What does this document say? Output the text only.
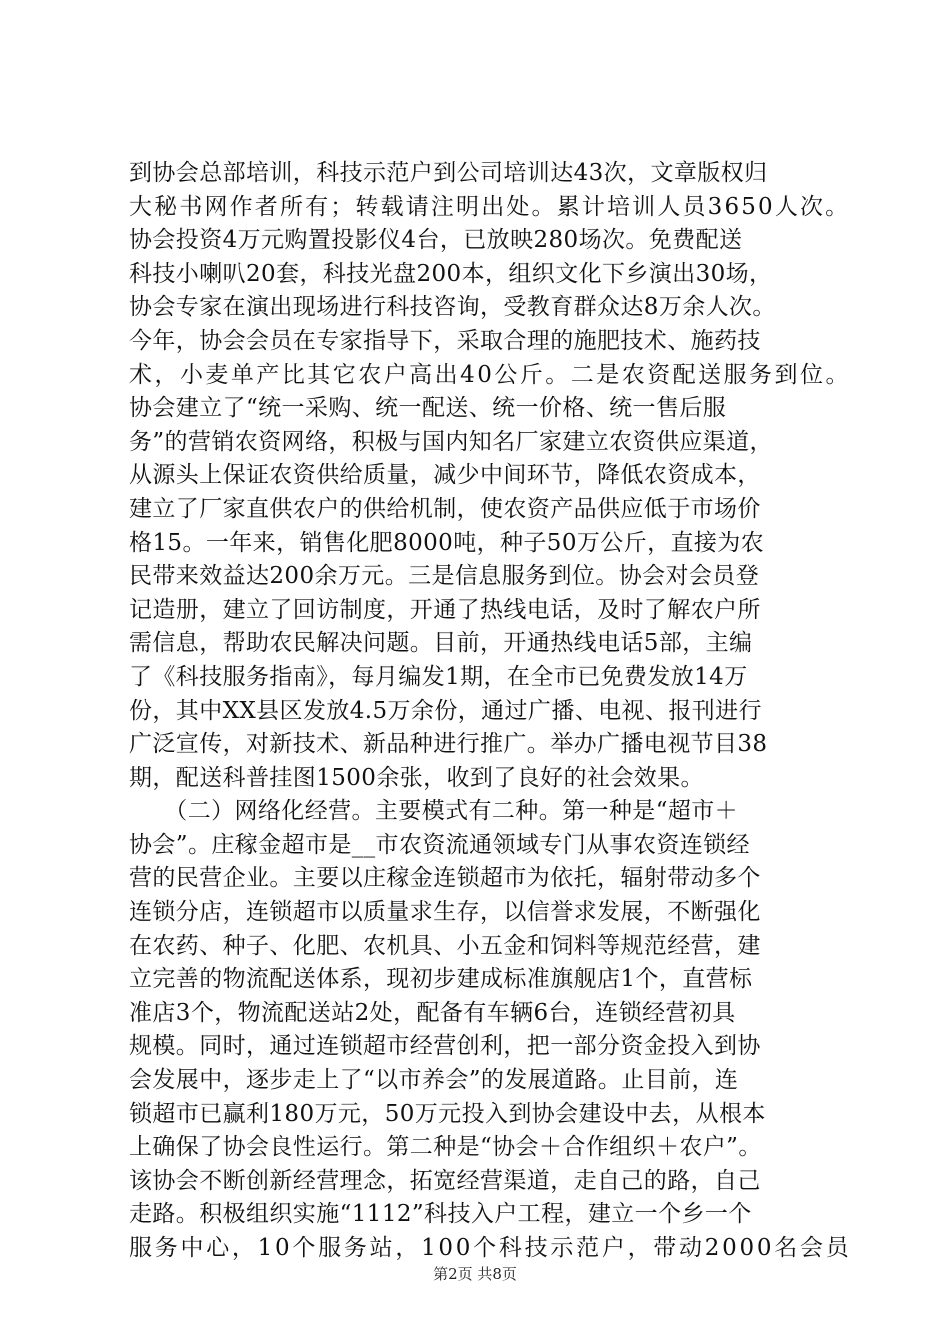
到协会总部培训，科技示范户到公司培训达43次，文章版权归
大秘书网作者所有；转载请注明出处。累计培训人员3650人次。
协会投资4万元购置投影仪4台，已放映280场次。免费配送
科技小喇叭20套，科技光盘200本，组织文化下乡演出30场，
协会专家在演出现场进行科技咨询，受教育群众达8万余人次。
今年，协会会员在专家指导下，采取合理的施肥技术、施药技
术，小麦单产比其它农户高出40公斤。二是农资配送服务到位。
协会建立了“统一采购、统一配送、统一价格、统一售后服
务”的营销农资网络，积极与国内知名厂家建立农资供应渠道，
从源头上保证农资供给质量，减少中间环节，降低农资成本，
建立了厂家直供农户的供给机制，使农资产品供应低于市场价
格15。一年来，销售化肥8000吨，种子50万公斤，直接为农
民带来效益达200余万元。三是信息服务到位。协会对会员登
记造册，建立了回访制度，开通了热线电话，及时了解农户所
需信息，帮助农民解决问题。目前，开通热线电话5部，主编
了《科技服务指南》，每月编发1期，在全市已免费发放14万
份，其中XX县区发放4.5万余份，通过广播、电视、报刊进行
广泛宣传，对新技术、新品种进行推广。举办广播电视节目38
期，配送科普挂图1500余张，收到了良好的社会效果。
　　（二）网络化经营。主要模式有二种。第一种是“超市＋
协会”。庄稼金超市是__市农资流通领域专门从事农资连锁经
营的民营企业。主要以庄稼金连锁超市为依托，辐射带动多个
连锁分店，连锁超市以质量求生存，以信誉求发展，不断强化
在农药、种子、化肥、农机具、小五金和饲料等规范经营，建
立完善的物流配送体系，现初步建成标准旗舰店1个，直营标
准店3个，物流配送站2处，配备有车辆6台，连锁经营初具
规模。同时，通过连锁超市经营创利，把一部分资金投入到协
会发展中，逐步走上了“以市养会”的发展道路。止目前，连
锁超市已赢利180万元，50万元投入到协会建设中去，从根本
上确保了协会良性运行。第二种是“协会＋合作组织＋农户”。
该协会不断创新经营理念，拓宽经营渠道，走自己的路，自己
走路。积极组织实施“1112”科技入户工程，建立一个乡一个
服务中心，10个服务站，100个科技示范户，带动2000名会员
第2页 共8页
